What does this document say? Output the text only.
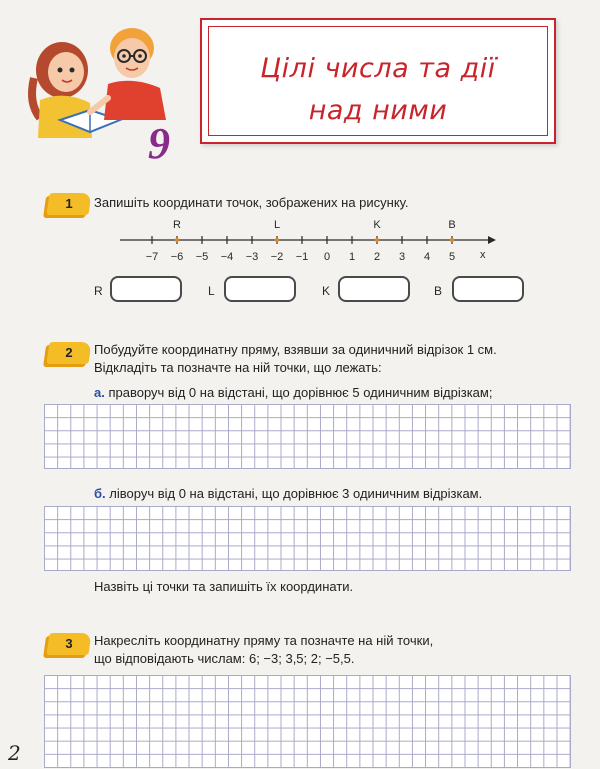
9
Цілі числа та дії
над ними
1	Запишіть координати точок, зображених на рисунку.
−7 −6 −5 −4 −3 −2 −1 0 1 2 3 4 5
R	L	K	B
x
R	L	K	B
2	Побудуйте координатну пряму, взявши за одиничний відрізок 1 см.
Відкладіть та позначте на ній точки, що лежать:
а. праворуч від 0 на відстані, що дорівнює 5 одиничним відрізкам;
б. ліворуч від 0 на відстані, що дорівнює 3 одиничним відрізкам.
Назвіть ці точки та запишіть їх координати.
3	Накресліть координатну пряму та позначте на ній точки,
що відповідають числам: 6; −3; 3,5; 2; −5,5.
2
